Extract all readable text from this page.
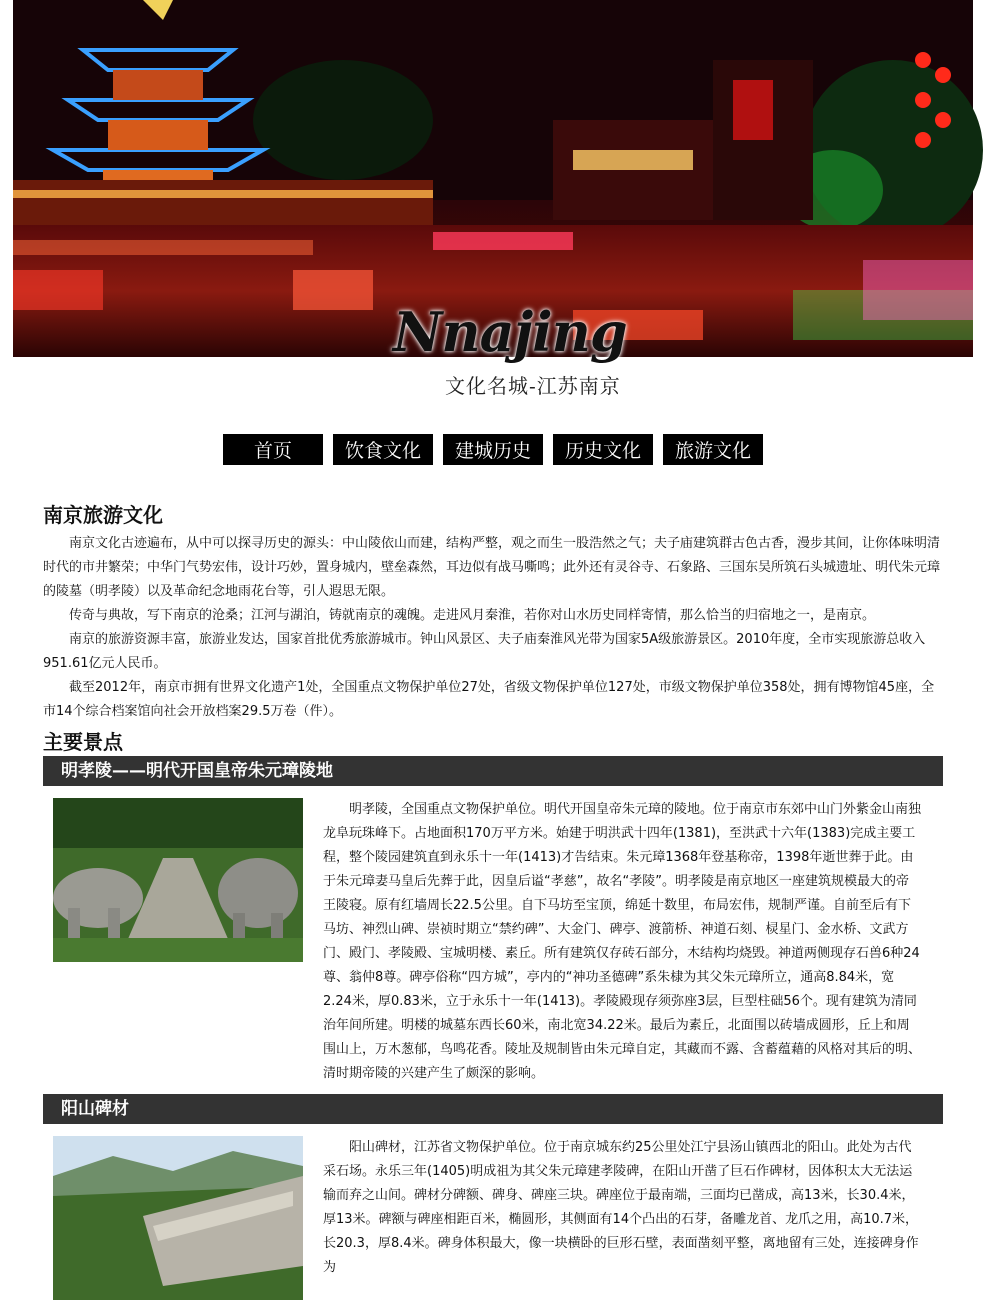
Nnajing
文化名城-江苏南京
首页	饮食文化	建城历史	历史文化	旅游文化
南京旅游文化

南京文化古迹遍布，从中可以探寻历史的源头：中山陵依山而建，结构严整，观之而生一股浩然之气；夫子庙建筑群古色古香，漫步其间，让你体味明清时代的市井繁荣；中华门气势宏伟，设计巧妙，置身城内，壁垒森然，耳边似有战马嘶鸣；此外还有灵谷寺、石象路、三国东吴所筑石头城遗址、明代朱元璋的陵墓（明孝陵）以及革命纪念地雨花台等，引人遐思无限。

传奇与典故，写下南京的沧桑；江河与湖泊，铸就南京的魂魄。走进风月秦淮，若你对山水历史同样寄情，那么恰当的归宿地之一，是南京。

南京的旅游资源丰富，旅游业发达，国家首批优秀旅游城市。钟山风景区、夫子庙秦淮风光带为国家5A级旅游景区。2010年度，全市实现旅游总收入951.61亿元人民币。

截至2012年，南京市拥有世界文化遗产1处，全国重点文物保护单位27处，省级文物保护单位127处，市级文物保护单位358处，拥有博物馆45座，全市14个综合档案馆向社会开放档案29.5万卷（件）。

主要景点
明孝陵——明代开国皇帝朱元璋陵地

明孝陵，全国重点文物保护单位。明代开国皇帝朱元璋的陵地。位于南京市东郊中山门外紫金山南独龙阜玩珠峰下。占地面积170万平方米。始建于明洪武十四年(1381)，至洪武十六年(1383)完成主要工程，整个陵园建筑直到永乐十一年(1413)才告结束。朱元璋1368年登基称帝，1398年逝世葬于此。由于朱元璋妻马皇后先葬于此，因皇后谥“孝慈”，故名“孝陵”。明孝陵是南京地区一座建筑规模最大的帝王陵寝。原有红墙周长22.5公里。自下马坊至宝顶，绵延十数里，布局宏伟，规制严谨。自前至后有下马坊、神烈山碑、崇祯时期立“禁约碑”、大金门、碑亭、渡箭桥、神道石刻、棂星门、金水桥、文武方门、殿门、孝陵殿、宝城明楼、素丘。所有建筑仅存砖石部分，木结构均烧毁。神道两侧现存石兽6种24尊、翁仲8尊。碑亭俗称“四方城”，亭内的“神功圣德碑”系朱棣为其父朱元璋所立，通高8.84米，宽2.24米，厚0.83米，立于永乐十一年(1413)。孝陵殿现存须弥座3层，巨型柱础56个。现有建筑为清同治年间所建。明楼的城墓东西长60米，南北宽34.22米。最后为素丘，北面围以砖墙成圆形，丘上和周围山上，万木葱郁，鸟鸣花香。陵址及规制皆由朱元璋自定，其藏而不露、含蓄蕴藉的风格对其后的明、清时期帝陵的兴建产生了颇深的影响。

阳山碑材

阳山碑材，江苏省文物保护单位。位于南京城东约25公里处江宁县汤山镇西北的阳山。此处为古代采石场。永乐三年(1405)明成祖为其父朱元璋建孝陵碑，在阳山开凿了巨石作碑材，因体积太大无法运输而弃之山间。碑材分碑额、碑身、碑座三块。碑座位于最南端，三面均已凿成，高13米，长30.4米，厚13米。碑额与碑座相距百米，椭圆形，其侧面有14个凸出的石芽，备雕龙首、龙爪之用，高10.7米，长20.3，厚8.4米。碑身体积最大，像一块横卧的巨形石壁，表面凿刻平整，离地留有三处，连接碑身作为
